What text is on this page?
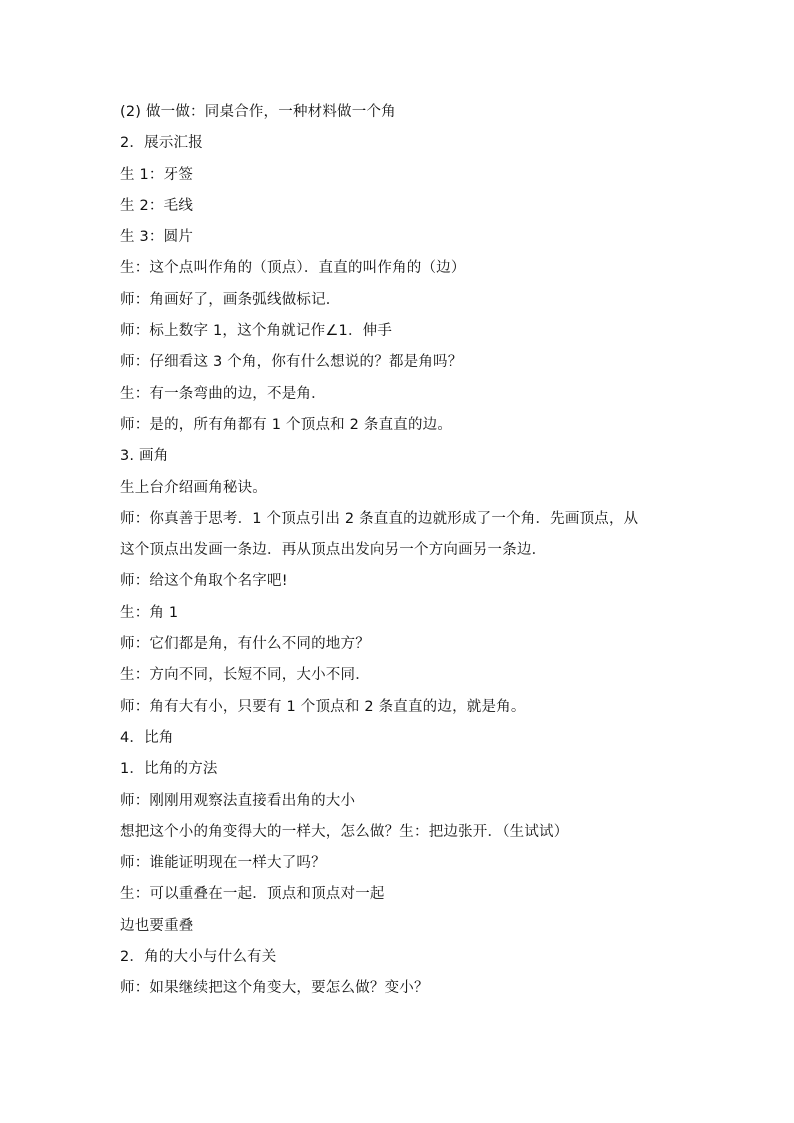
(2) 做一做：同桌合作，一种材料做一个角
2．展示汇报
生 1：牙签
生 2：毛线
生 3：圆片
生：这个点叫作角的（顶点）．直直的叫作角的（边）
师：角画好了，画条弧线做标记．
师：标上数字 1，这个角就记作∠1．伸手
师：仔细看这 3 个角，你有什么想说的？都是角吗？
生：有一条弯曲的边，不是角．
师：是的，所有角都有 1 个顶点和 2 条直直的边。
3. 画角
生上台介绍画角秘诀。
师：你真善于思考．1 个顶点引出 2 条直直的边就形成了一个角．先画顶点，从
这个顶点出发画一条边．再从顶点出发向另一个方向画另一条边．
师：给这个角取个名字吧!
生：角 1
师：它们都是角，有什么不同的地方？
生：方向不同，长短不同，大小不同．
师：角有大有小，只要有 1 个顶点和 2 条直直的边，就是角。
4．比角
1．比角的方法
师：刚刚用观察法直接看出角的大小
想把这个小的角变得大的一样大，怎么做？生：把边张开．（生试试）
师：谁能证明现在一样大了吗？
生：可以重叠在一起．顶点和顶点对一起
边也要重叠
2．角的大小与什么有关
师：如果继续把这个角变大，要怎么做？变小？
